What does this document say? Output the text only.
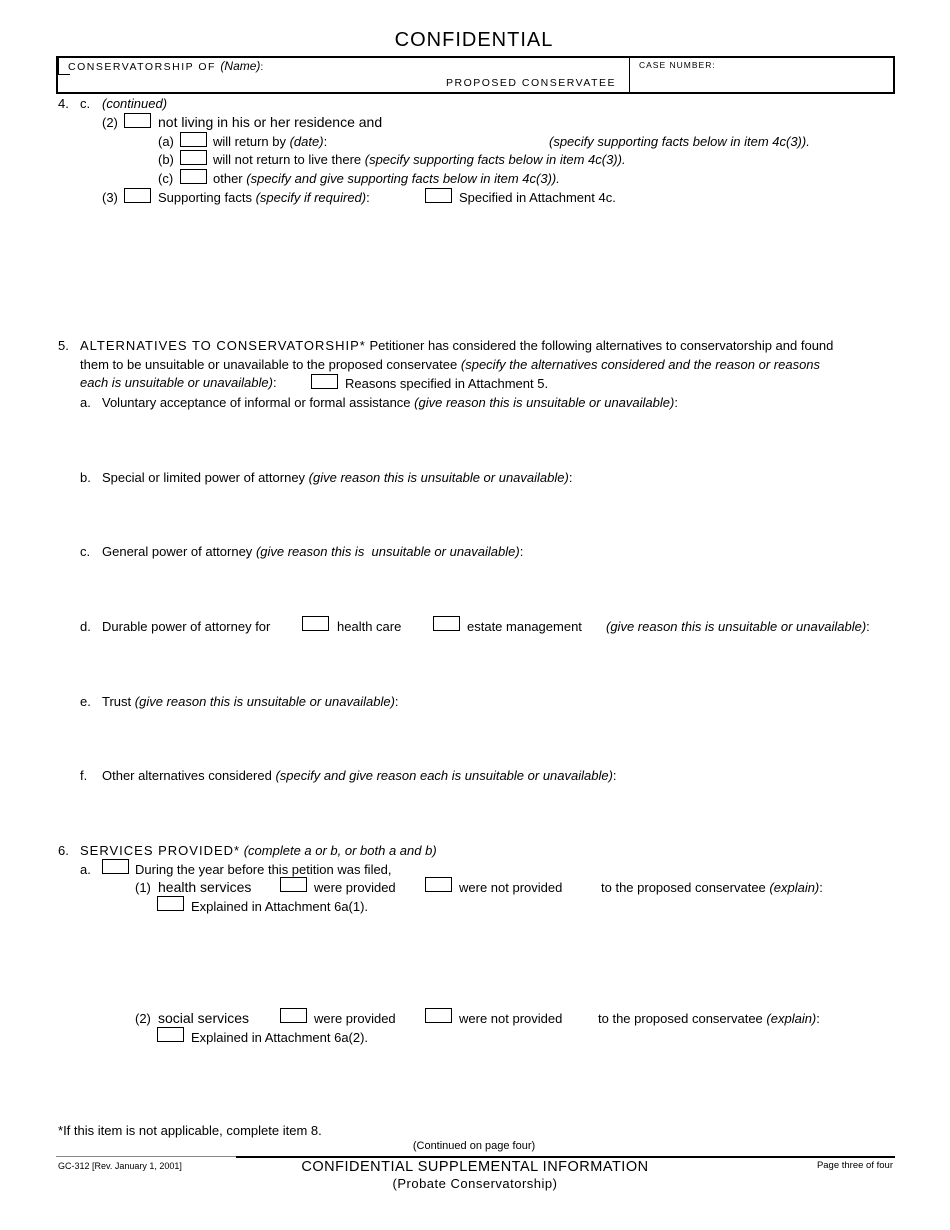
CONFIDENTIAL
CONSERVATORSHIP OF (Name):
PROPOSED CONSERVATEE
CASE NUMBER:
4. c. (continued)
(2)	not living in his or her residence and
(a)	will return by (date):	(specify supporting facts below in item 4c(3)).
(b)	will not return to live there (specify supporting facts below in item 4c(3)).
(c)	other (specify and give supporting facts below in item 4c(3)).
(3)	Supporting facts (specify if required):	Specified in Attachment 4c.
5. ALTERNATIVES TO CONSERVATORSHIP* Petitioner has considered the following alternatives to conservatorship and found
them to be unsuitable or unavailable to the proposed conservatee (specify the alternatives considered and the reason or reasons
each is unsuitable or unavailable):	Reasons specified in Attachment 5.
a. Voluntary acceptance of informal or formal assistance (give reason this is unsuitable or unavailable):
b. Special or limited power of attorney (give reason this is unsuitable or unavailable):
c. General power of attorney (give reason this is  unsuitable or unavailable):
d. Durable power of attorney for	health care	estate management (give reason this is unsuitable or unavailable):
e. Trust (give reason this is unsuitable or unavailable):
f. Other alternatives considered (specify and give reason each is unsuitable or unavailable):
6. SERVICES PROVIDED* (complete a or b, or both a and b)
a.	During the year before this petition was filed,
(1) health services	were provided	were not provided	to the proposed conservatee (explain):
Explained in Attachment 6a(1).
(2) social services	were provided	were not provided	to the proposed conservatee (explain):
Explained in Attachment 6a(2).
*If this item is not applicable, complete item 8.
(Continued on page four)
GC-312 [Rev. January 1, 2001]	CONFIDENTIAL SUPPLEMENTAL INFORMATION
(Probate Conservatorship)
Page three of four
